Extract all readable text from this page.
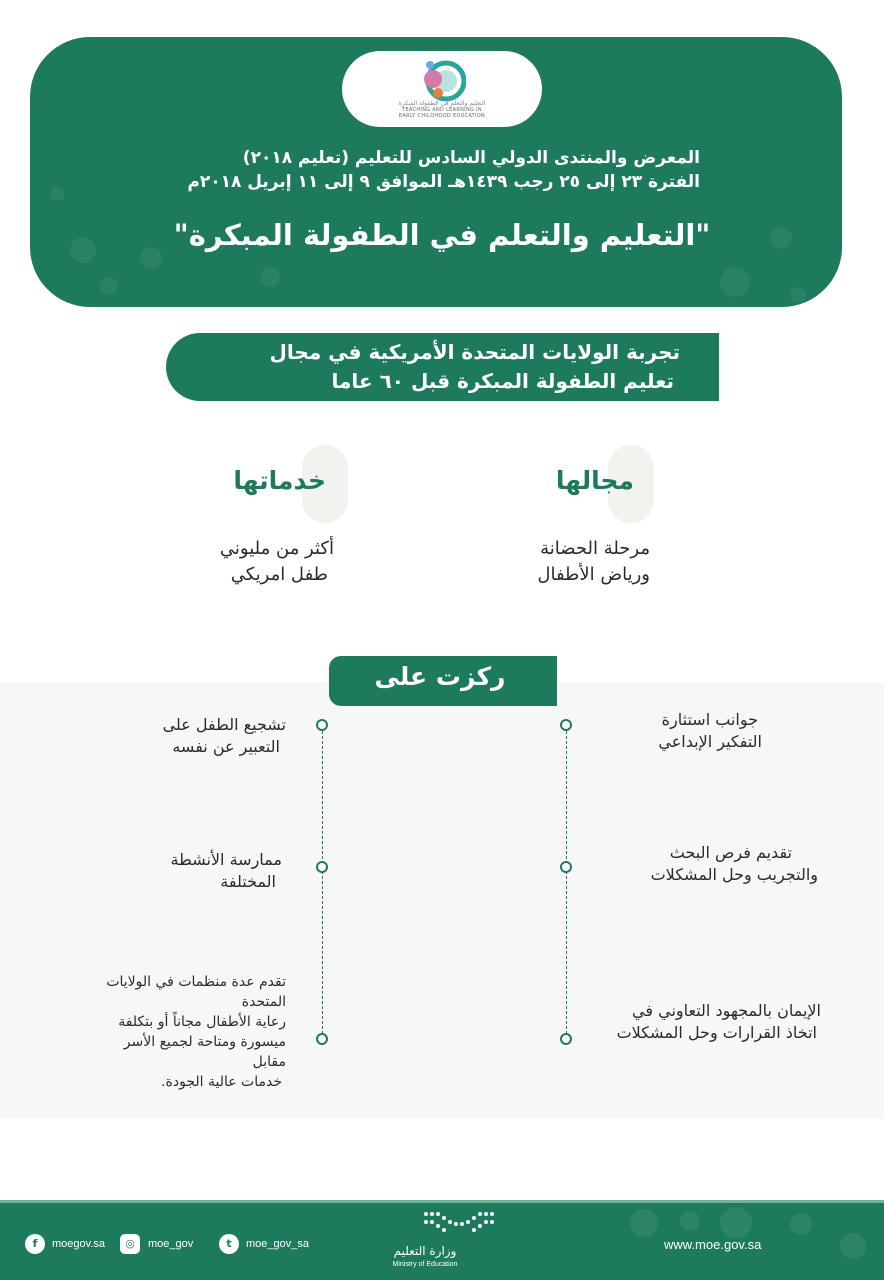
التعليم والتعلم في الطفولة المبكرة
TEACHING AND LEARNING IN
EARLY CHILDHOOD EDUCATION
المعرض والمنتدى الدولي السادس للتعليم (تعليم ٢٠١٨)
الفترة ٢٣ إلى ٢٥ رجب ١٤٣٩هـ الموافق ٩ إلى ١١ إبريل ٢٠١٨م
"التعليم والتعلم في الطفولة المبكرة"
تجربة الولايات المتحدة الأمريكية في مجال
تعليم الطفولة المبكرة قبل ٦٠ عاما
خدماتها
أكثر من مليوني
طفل امريكي
مجالها
مرحلة الحضانة
ورياض الأطفال
ركزت على
جوانب استثارة
التفكير الإبداعي
تقديم فرص البحث
والتجريب وحل المشكلات
الإيمان بالمجهود التعاوني في
اتخاذ القرارات وحل المشكلات
تشجيع الطفل على
التعبير عن نفسه
ممارسة الأنشطة
المختلفة
تقدم عدة منظمات في الولايات
المتحدة
رعاية الأطفال مجاناً أو بتكلفة
ميسورة ومتاحة لجميع الأسر
مقابل
خدمات عالية الجودة.
f	moegov.sa	◎	moe_gov	t	moe_gov_sa	وزارة التعليم
Ministry of Education
www.moe.gov.sa
